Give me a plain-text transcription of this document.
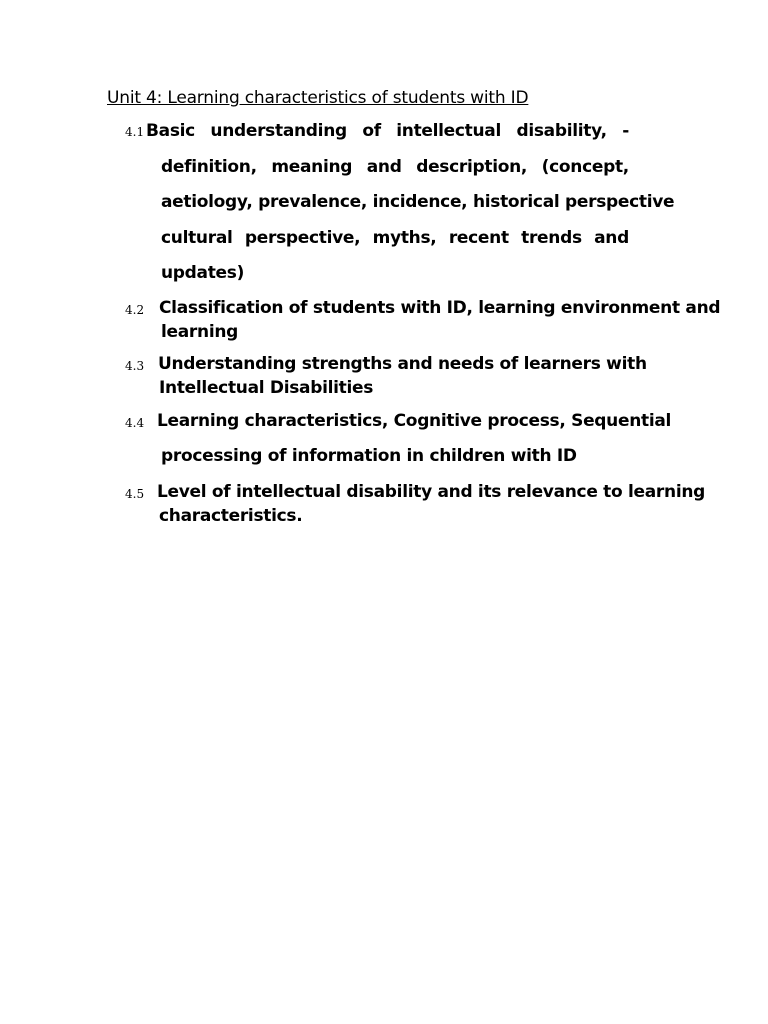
Unit 4: Learning characteristics of students with ID
4.1 Basic understanding of intellectual disability, -
definition, meaning and description, (concept,
aetiology, prevalence, incidence, historical perspective
cultural perspective, myths, recent trends and
updates)
4.2 Classification of students with ID, learning environment and
learning
4.3 Understanding strengths and needs of learners with
Intellectual Disabilities
4.4 Learning characteristics, Cognitive process, Sequential
processing of information in children with ID
4.5 Level of intellectual disability and its relevance to learning
characteristics.
